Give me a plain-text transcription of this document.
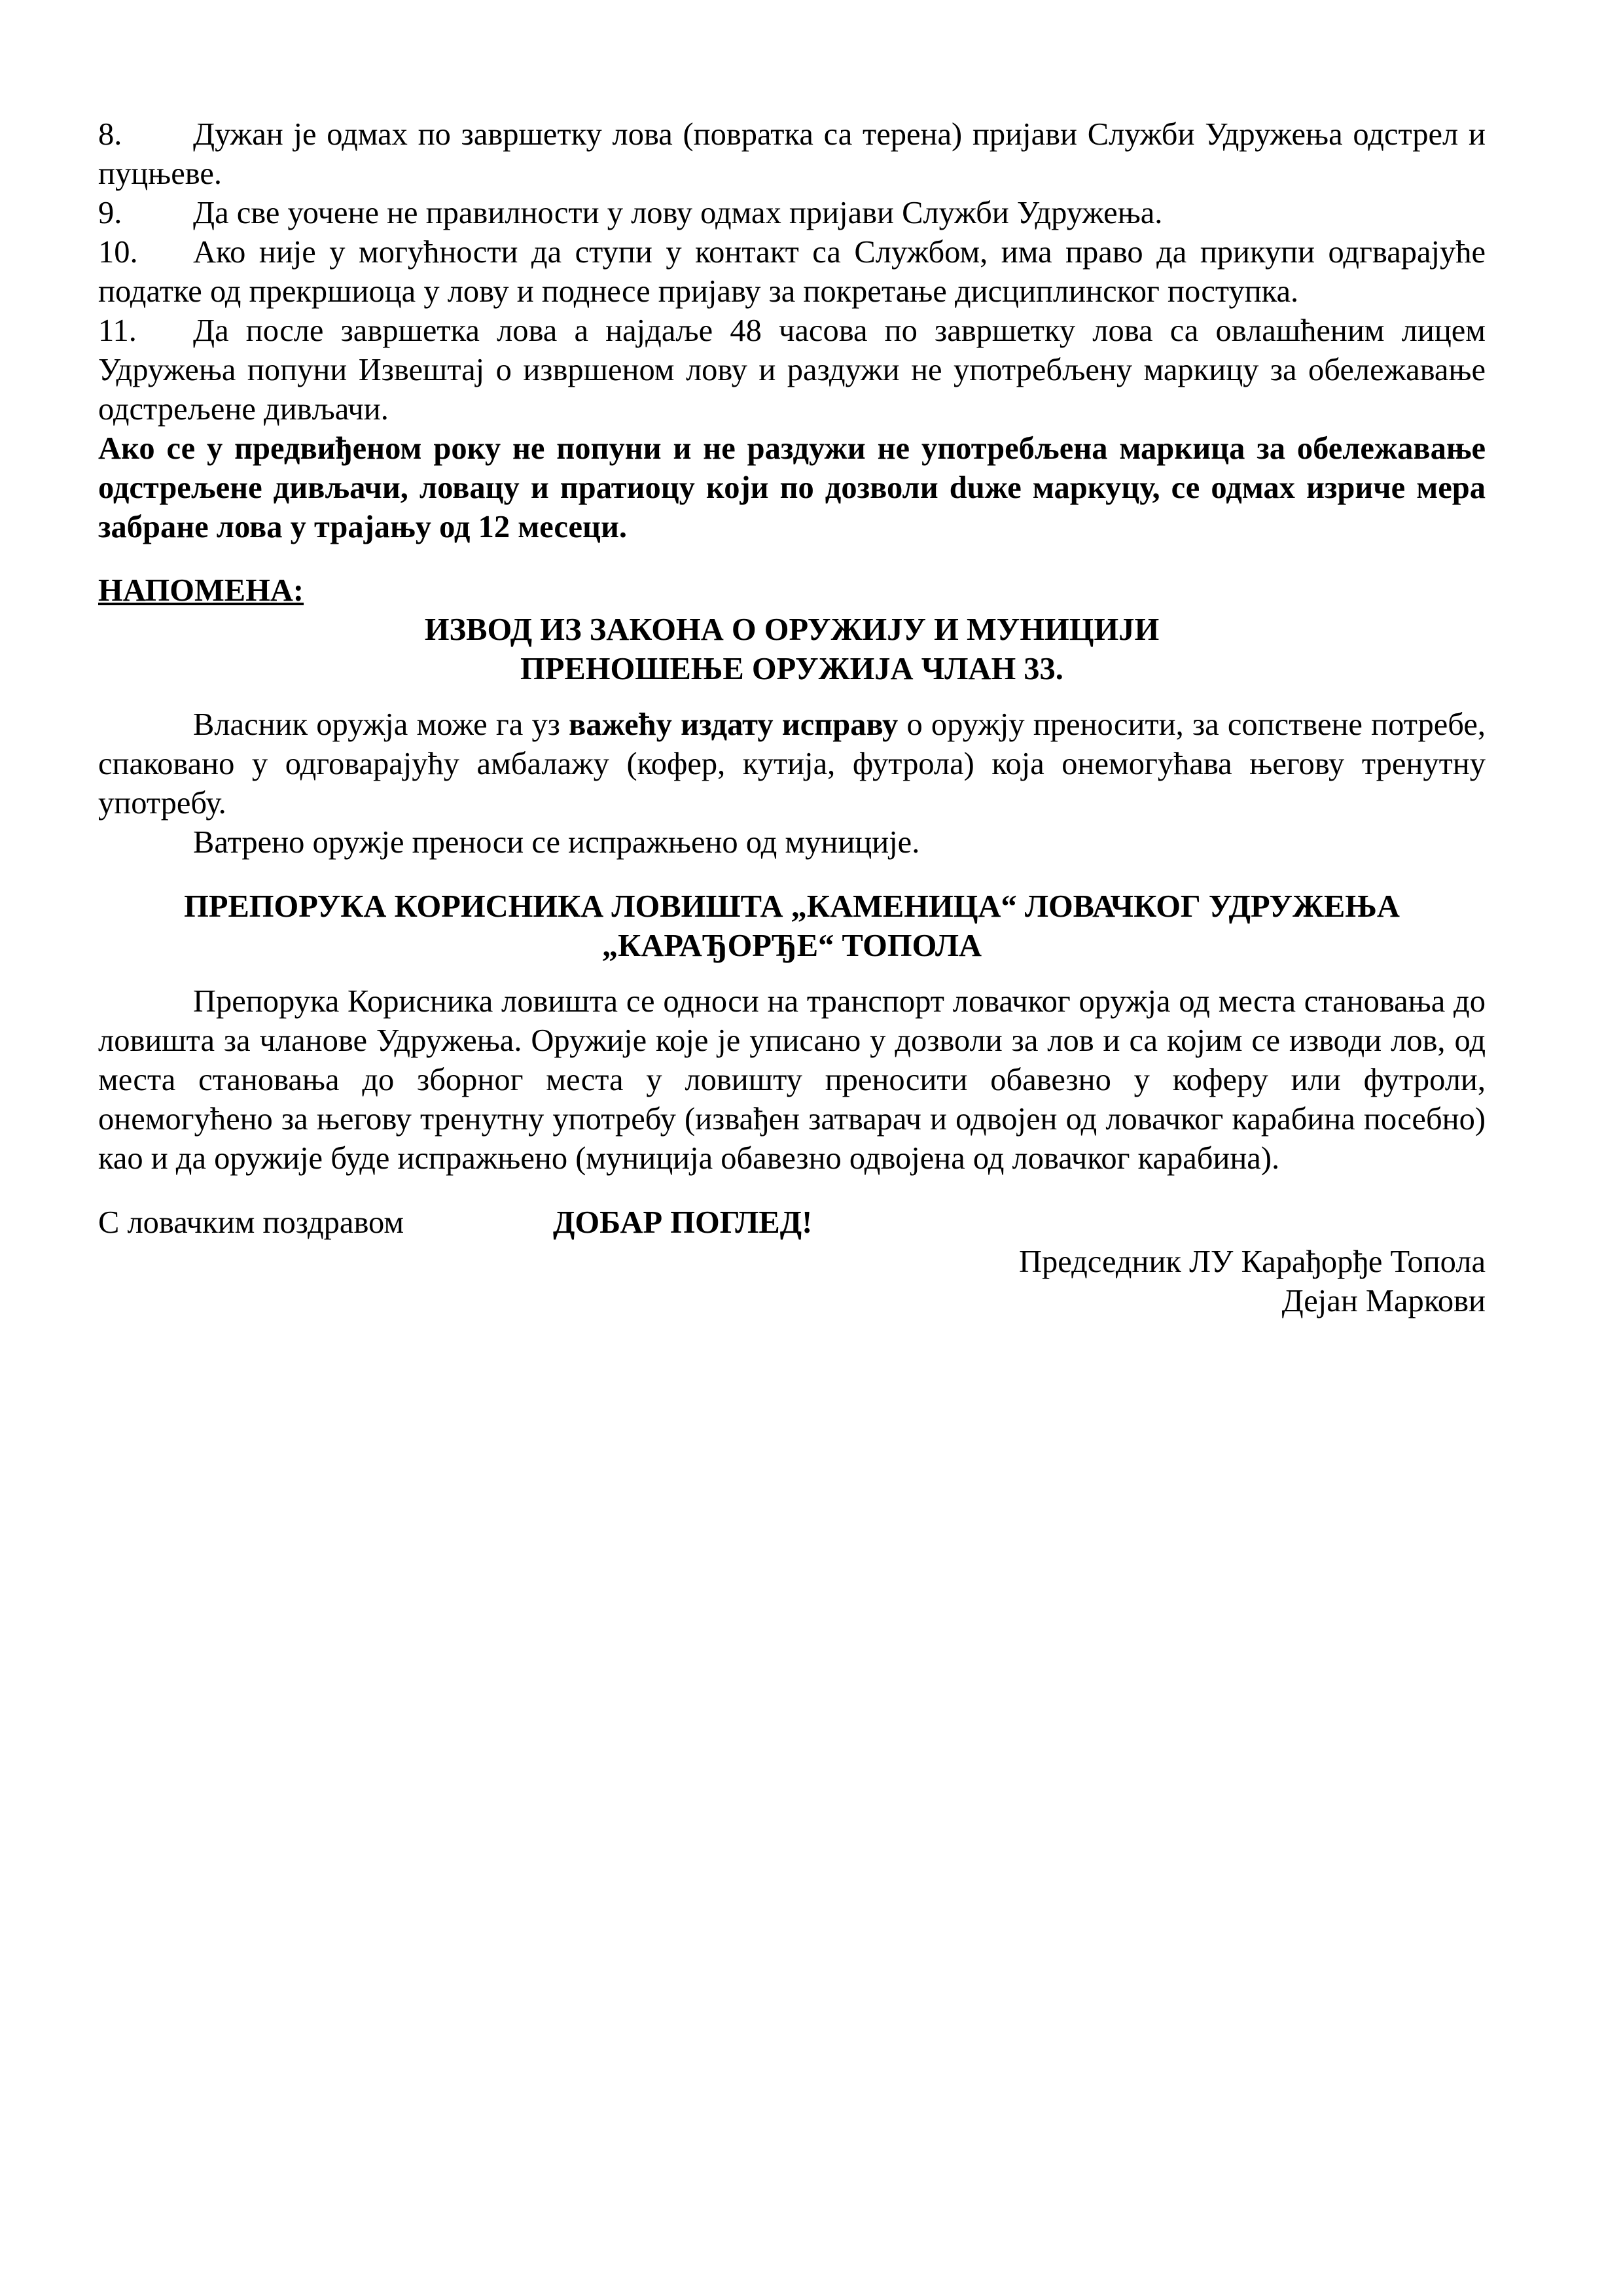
8. Дужан је одмах по завршетку лова (повратка са терена) пријави Служби Удружења одстрел и пуцњеве.

9. Да све уочене не правилности у лову одмах пријави Служби Удружења.

10. Ако није у могућности да ступи у контакт са Службом, има право да прикупи одгварајуће податке од прекршиоца у лову и поднесе пријаву за покретање дисциплинског поступка.

11. Да после завршетка лова а најдаље 48 часова по завршетку лова са овлашћеним лицем Удружења попуни Извештај о извршеном лову и раздужи не употребљену маркицу за обележавање одстрељене дивљачи.

Ако се у предвиђеном року не попуни и не раздужи не употребљена маркица за обележавање одстрељене дивљачи, ловацу и пратиоцу који по дозволи duже маркуцу, се одмах изриче мера забране лова у трајању од 12 месеци.

НАПОМЕНА:

ИЗВОД ИЗ ЗАКОНА О ОРУЖИЈУ И МУНИЦИЈИ

ПРЕНОШЕЊЕ ОРУЖИЈА ЧЛАН 33.

Власник оружја може га уз важећу издату исправу о оружју преносити, за сопствене потребе, спаковано у одговарајућу амбалажу (кофер, кутија, футрола) која онемогућава његову тренутну употребу.

Ватрено оружје преноси се испражњено од муниције.

ПРЕПОРУКА КОРИСНИКА ЛОВИШТА „КАМЕНИЦА“ ЛОВАЧКОГ УДРУЖЕЊА

„КАРАЂОРЂЕ“ ТОПОЛА

Препорука Корисника ловишта се односи на транспорт ловачког оружја од места становања до ловишта за чланове Удружења. Оружије које је уписано у дозволи за лов и са којим се изводи лов, од места становања до зборног места у ловишту преносити обавезно у коферу или футроли, онемогућено за његову тренутну употребу (извађен затварач и одвојен од ловачког карабина посебно) као и да оружије буде испражњено (муниција обавезно одвојена од ловачког карабина).

С ловачким поздравом	ДОБАР ПОГЛЕД!

Председник ЛУ Карађорђе Топола

Дејан Маркови
